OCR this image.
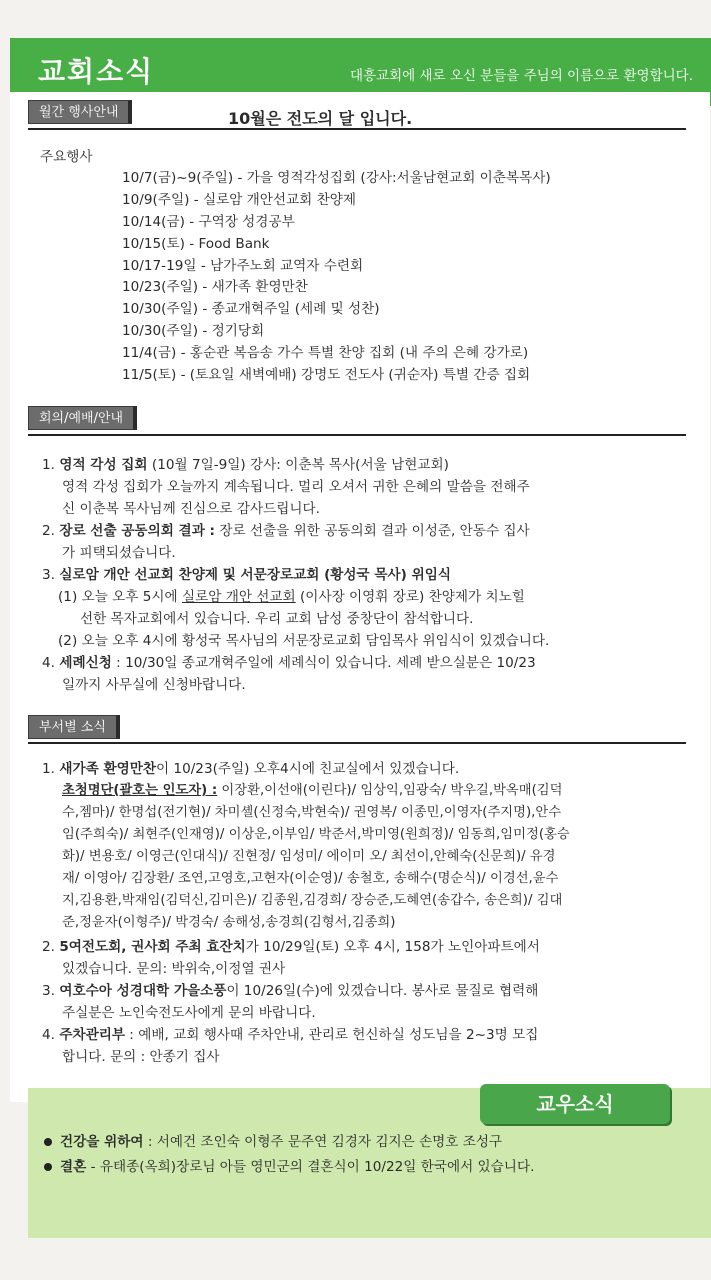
교회소식	대흥교회에 새로 오신 분들을 주님의 이름으로 환영합니다.
월간 행사안내	10월은 전도의 달 입니다.
주요행사
10/7(금)~9(주일) - 가을 영적각성집회 (강사:서울남현교회 이춘복목사)
10/9(주일) - 실로암 개안선교회 찬양제
10/14(금) - 구역장 성경공부
10/15(토) - Food Bank
10/17-19일 - 남가주노회 교역자 수련회
10/23(주일) - 새가족 환영만찬
10/30(주일) - 종교개혁주일 (세례 및 성찬)
10/30(주일) - 정기당회
11/4(금) - 홍순관 복음송 가수 특별 찬양 집회 (내 주의 은혜 강가로)
11/5(토) - (토요일 새벽예배) 강명도 전도사 (귀순자) 특별 간증 집회
회의/예배/안내
1. 영적 각성 집회 (10월 7일-9일) 강사: 이춘복 목사(서울 남현교회)
영적 각성 집회가 오늘까지 계속됩니다. 멀리 오셔서 귀한 은혜의 말씀을 전해주
신 이춘복 목사님께 진심으로 감사드립니다.
2. 장로 선출 공동의회 결과 : 장로 선출을 위한 공동의회 결과 이성준, 안동수 집사
가 피택되셨습니다.
3. 실로암 개안 선교회 찬양제 및 서문장로교회 (황성국 목사) 위임식
(1) 오늘 오후 5시에 실로암 개안 선교회 (이사장 이영휘 장로) 찬양제가 치노힐
선한 목자교회에서 있습니다. 우리 교회 남성 중창단이 참석합니다.
(2) 오늘 오후 4시에 황성국 목사님의 서문장로교회 담임목사 위임식이 있겠습니다.
4. 세례신청 : 10/30일 종교개혁주일에 세례식이 있습니다. 세례 받으실분은 10/23
일까지 사무실에 신청바랍니다.
부서별 소식
1. 새가족 환영만찬이 10/23(주일) 오후4시에 친교실에서 있겠습니다.
초청명단(괄호는 인도자) : 이장환,이선애(이린다)/ 임상익,임광숙/ 박우길,박옥매(김덕
수,젬마)/ 한명섭(전기현)/ 차미셸(신정숙,박현숙)/ 권영복/ 이종민,이영자(주지명),안수
임(주희숙)/ 최현주(인재영)/ 이상운,이부임/ 박준서,박미영(원희정)/ 임동희,임미정(홍승
화)/ 변용호/ 이영근(인대식)/ 진현정/ 임성미/ 에이미 오/ 최선이,안혜숙(신문희)/ 유경
재/ 이영아/ 김장환/ 조연,고영호,고현자(이순영)/ 송철호, 송해수(명순식)/ 이경선,윤수
지,김용환,박재임(김덕신,김미은)/ 김종원,김경희/ 장승준,도혜연(송갑수, 송은희)/ 김대
준,정윤자(이형주)/ 박경숙/ 송해성,송경희(김형서,김종희)
2. 5여전도회, 권사회 주최 효잔치가 10/29일(토) 오후 4시, 158가 노인아파트에서
있겠습니다. 문의: 박위숙,이정열 권사
3. 여호수아 성경대학 가을소풍이 10/26일(수)에 있겠습니다. 봉사로 물질로 협력해
주실분은 노인숙전도사에게 문의 바랍니다.
4. 주차관리부 : 예배, 교회 행사때 주차안내, 관리로 헌신하실 성도님을 2~3명 모집
합니다. 문의 : 안종기 집사
교우소식
건강을 위하여 : 서예건 조인숙 이형주 문주연 김경자 김지은 손명호 조성구
결혼 - 유태종(옥희)장로님 아들 영민군의 결혼식이 10/22일 한국에서 있습니다.
